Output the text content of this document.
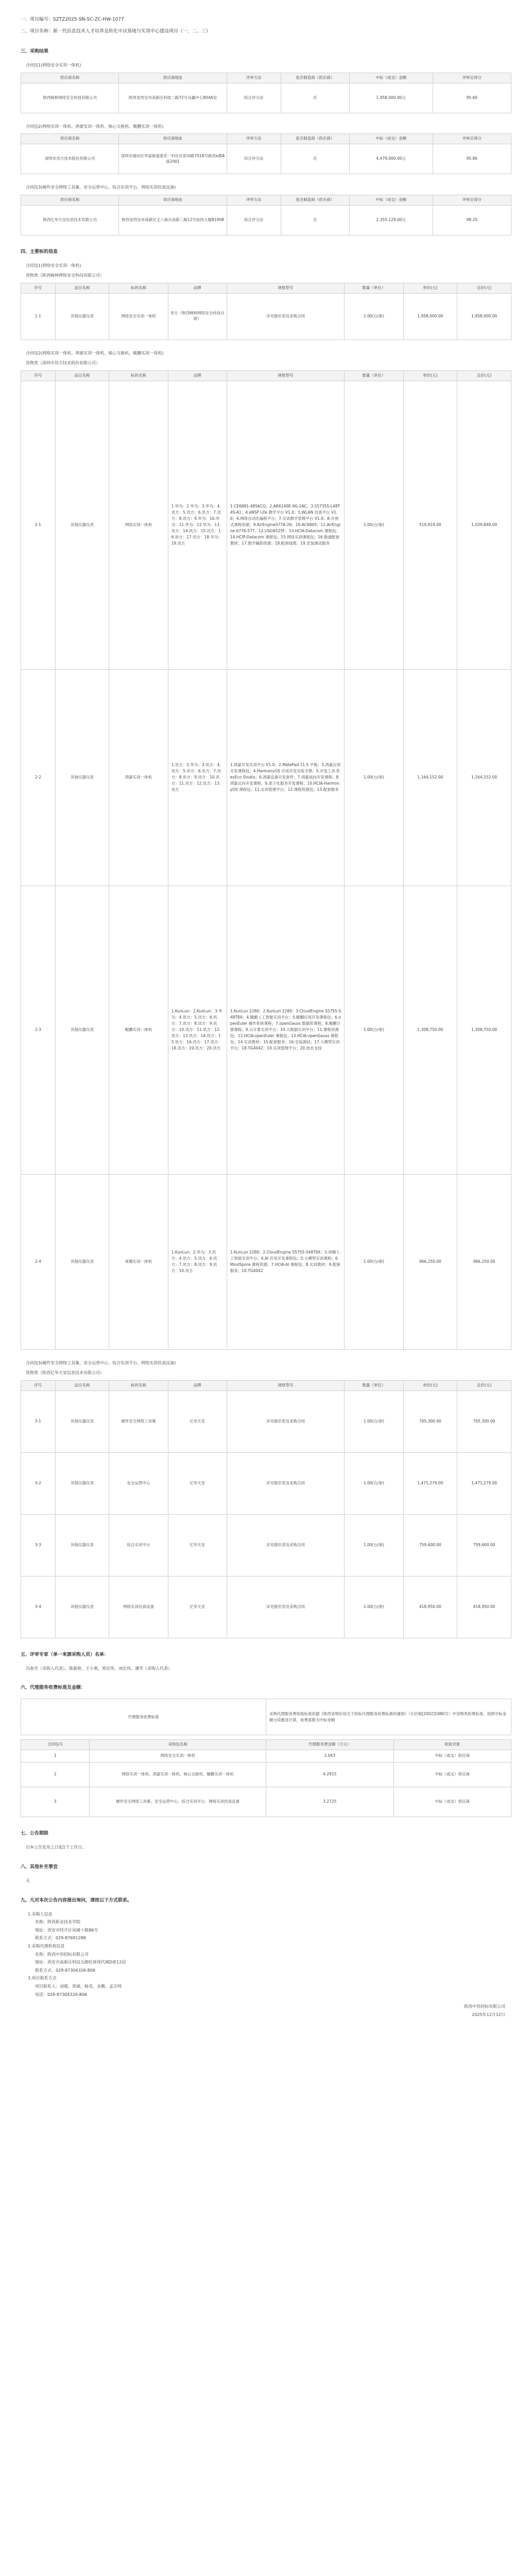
一、项目编号：SZTZ2025-SN-SC-ZC-HW-1077
二、项目名称：新一代信息技术人才培养及转化中试基地与实训中心建设项目（一、二、三）
三、采购结果
合同包1(网络安全实训一体机)
供应商名称	供应商地址	评审方法	是否制造商（供应商）	中标（成交）金额	评审总得分
陕西峰林网络安全科技有限公司	陕西省西安市高新区科技二路72号众鑫中心804A室	综合评分法	否	1,958,000.00元	95.60
合同包2(网络实训一体机、鸿蒙实训一体机、核心交换机、鲲鹏实训一体机)
供应商名称	供应商地址	评审方法	是否制造商（供应商）	中标（成交）金额	评审总得分
深圳市讯方技术股份有限公司	深圳市福田区华富街道莲花一村社区彩田路7018号新浩e都A座2901	综合评分法	否	4,479,000.00元	95.86
合同包3(硬件安全网络工具集、安全运营中心、综合实训平台、网络实训仿真设备)
供应商名称	供应商地址	评审方法	是否制造商（供应商）	中标（成交）金额	评审总得分
陕西忆华天安信息技术有限公司	陕西省西安市高新区丈八街办高新二路12号协同大厦B1908	综合评分法	否	2,355,129.00元	98.20
四、主要标的信息
合同包1(网络安全实训一体机)
货物类（陕西峰林网络安全科技有限公司）
序号	品目名称	标的名称	品牌	规格型号	数量（单位）	单价(元)	总价(元)
1-1	其他仪器仪表	网络安全实训一体机	讯方（陕西峰林网络安全科技自研）	详见报价表及采购合同	1.00(台/套)	1,958,000.00	1,958,000.00
合同包2(网络实训一体机、鸿蒙实训一体机、核心交换机、鲲鹏实训一体机)
货物类（深圳市讯方技术股份有限公司）
序号	品目名称	标的名称	品牌	规格型号	数量（单位）	单价(元)	总价(元)
2-1	其他仪器仪表	网络实训一体机	1.华为：2.华为：3.华为：4.讯方：5.讯方：6.讯方：7.讯方：8.讯方：9.华为：10.华为：11.华为：12.华为：13.讯方：14.讯方：15.讯方：16.讯方：17.讯方：18.华为：19.讯方	1.CE6881-48S6CQ；2.AR6140E-9G-2AC；3.S5735S-L48T4S-A1；4.eNSP Lite 教学平台 V1.0；5.WLAN 仿真平台 V1.0；6.网络自动化编程平台；7.实训教学管理平台 V1.0；8.开放式课程资源；9.AirEngine5776-26；10.AC6805；11.AirEngine 6776-57T；12.USG6525F；13.HCIA-Datacom 课程包；14.HCIP-Datacom 课程包；15.网络实训课程包；16.数通配套教材；17.教学辅助资源；18.配套线缆；19.安装调试服务	1.00(台/套)	519,924.00	1,039,848.00
2-2	其他仪器仪表	鸿蒙实训一体机	1.讯方：2.华为：3.讯方：4.讯方：5.讯方：6.讯方：7.讯方：8.讯方：9.讯方：10.讯方：11.讯方：12.讯方：13.讯方	1.鸿蒙开发实训平台 V1.0；2.MatePad 11.5 平板；3.鸿蒙应用开发课程包；4.HarmonyOS 应用开发实验手册；5.开发工具 DevEco Studio；6.鸿蒙设备开发套件；7.鸿蒙南向开发课程；8.鸿蒙北向开发课程；9.原子化服务开发课程；10.HCIA-HarmonyOS 课程包；11.实训管理平台；12.课程资源包；13.配套服务	1.00(台/套)	1,164,152.00	1,164,152.00
2-3	其他仪器仪表	鲲鹏实训一体机	1.KunLun；2.KunLun；3.华为：4.讯方：5.讯方：6.讯方：7.讯方：8.讯方：9.讯方：10.讯方：11.讯方：12.讯方：13.讯方：14.讯方：15.讯方：16.讯方：17.讯方：18.讯方：19.讯方：20.讯方	1.KunLun 2280；2.KunLun 2280；3.CloudEngine S5755-S48T8X；4.鲲鹏人工智能实训平台；5.鲲鹏应用开发课程包；6.openEuler 操作系统课程；7.openGauss 数据库课程；8.鲲鹏计算课程；9.云计算实训平台；10.大数据实训平台；11.课程资源包；12.HCIA-openEuler 课程包；13.HCIA-openGauss 课程包；14.实训教材；15.配套服务；16.安装调试；17.大模型实训平台；18.TG4042；19.实训管理平台；20.技术支持	1.00(台/套)	1,308,750.00	1,308,750.00
2-4	其他仪器仪表	昇腾实训一体机	1.KunLun；2.华为：3.讯方：4.讯方：5.讯方：6.讯方：7.讯方：8.讯方：9.讯方：10.讯方	1.KunLun 2280；2.CloudEngine S5755-S48T8X；3.昇腾人工智能实训平台；4.AI 应用开发课程包；5.大模型实训课程；6.MindSpore 课程资源；7.HCIA-AI 课程包；8.实训教材；9.配套服务；10.TG4042	1.00(台/套)	966,250.00	966,250.00
合同包3(硬件安全网络工具集、安全运营中心、综合实训平台、网络实训仿真设备)
货物类（陕西忆华天安信息技术有限公司）
序号	品目名称	标的名称	品牌	规格型号	数量（单位）	单价(元)	总价(元)
3-1	其他仪器仪表	硬件安全网络工具集	忆华天安	详见报价表及采购合同	1.00(台/套)	705,300.00	705,300.00
3-2	其他仪器仪表	安全运营中心	忆华天安	详见报价表及采购合同	1.00(台/套)	1,471,279.00	1,471,279.00
3-3	其他仪器仪表	综合实训平台	忆华天安	详见报价表及采购合同	1.00(台/套)	759,600.00	759,600.00
3-4	其他仪器仪表	网络实训仿真设备	忆华天安	详见报价表及采购合同	1.00(台/套)	418,950.00	418,950.00
五、评审专家（单一来源采购人员）名单：
冯春芳（采购人代表），陈新艳，王小燕，郑宏伟，刘宏伟，潘雪（采购人代表）
六、代理服务收费标准及金额：
代理服务收费标准	采购代理服务费收取标准依据《陕西省物价局关于招标代理服务收费标准的通知》（计价格[2002]1980号）中货物类收费标准，按照中标金额分段累进计算，收费基数为中标金额
合同包号	采购包名称	代理服务费金额（万元）	收取对象
1	网络安全实训一体机	2.043	中标（成交）供应商
2	网络实训一体机、鸿蒙实训一体机、核心交换机、鲲鹏实训一体机	4.2915	中标（成交）供应商
3	硬件安全网络工具集、安全运营中心、综合实训平台、网络实训仿真设备	3.2725	中标（成交）供应商
七、公告期限
自本公告发布之日起1个工作日。
八、其他补充事宜
无
九、凡对本次公告内容提出询问，请按以下方式联系。

1.采购人信息

名称：陕西职业技术学院

地址：西安市经开区凤城十路86号

联系方式：029-87691288

2.采购代理机构信息

名称：陕西中咨招标有限公司

地址：西安市高新区科技五路旺座现代城D座12层

联系方式：029-87304326-806

3.项目联系方式

项目联系人：刘超、郑斌、杨莹、余腾、孟宗圳

电话：029-87304326-806

陕西中咨招标有限公司
2025年12月12日
